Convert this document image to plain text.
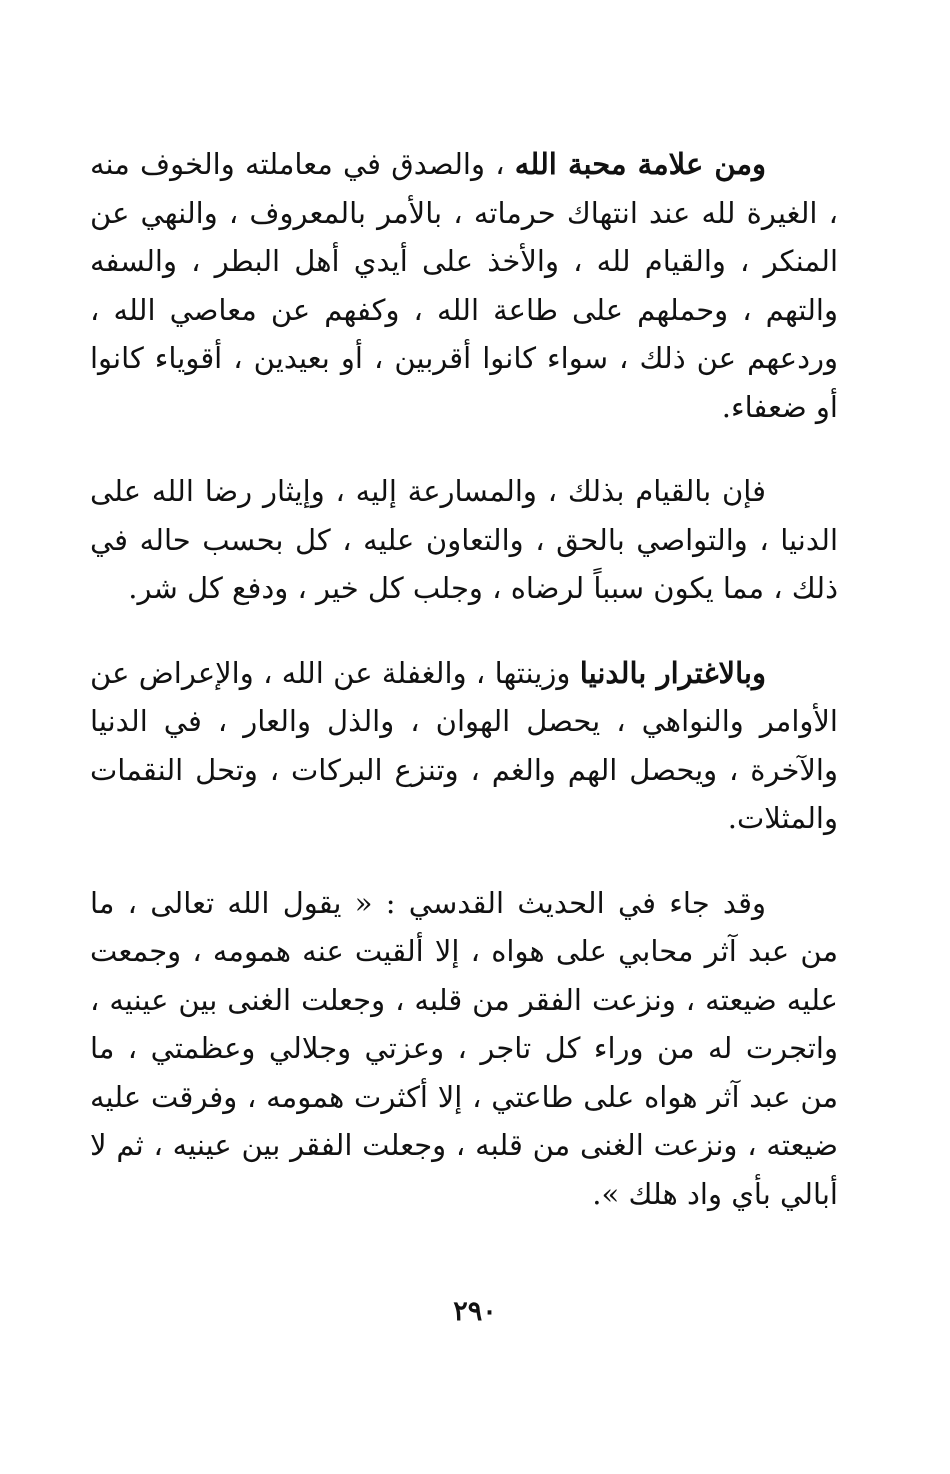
ومن علامة محبة الله ، والصدق في معاملته والخوف منه ، الغيرة لله عند انتهاك حرماته ، بالأمر بالمعروف ، والنهي عن المنكر ، والقيام لله ، والأخذ على أيدي أهل البطر ، والسفه والتهم ، وحملهم على طاعة الله ، وكفهم عن معاصي الله ، وردعهم عن ذلك ، سواء كانوا أقربين ، أو بعيدين ، أقوياء كانوا أو ضعفاء.

فإن بالقيام بذلك ، والمسارعة إليه ، وإيثار رضا الله على الدنيا ، والتواصي بالحق ، والتعاون عليه ، كل بحسب حاله في ذلك ، مما يكون سبباً لرضاه ، وجلب كل خير ، ودفع كل شر.

وبالاغترار بالدنيا وزينتها ، والغفلة عن الله ، والإعراض عن الأوامر والنواهي ، يحصل الهوان ، والذل والعار ، في الدنيا والآخرة ، ويحصل الهم والغم ، وتنزع البركات ، وتحل النقمات والمثلات.

وقد جاء في الحديث القدسي : « يقول الله تعالى ، ما من عبد آثر محابي على هواه ، إلا ألقيت عنه همومه ، وجمعت عليه ضيعته ، ونزعت الفقر من قلبه ، وجعلت الغنى بين عينيه ، واتجرت له من وراء كل تاجر ، وعزتي وجلالي وعظمتي ، ما من عبد آثر هواه على طاعتي ، إلا أكثرت همومه ، وفرقت عليه ضيعته ، ونزعت الغنى من قلبه ، وجعلت الفقر بين عينيه ، ثم لا أبالي بأي واد هلك ».

٢٩٠
